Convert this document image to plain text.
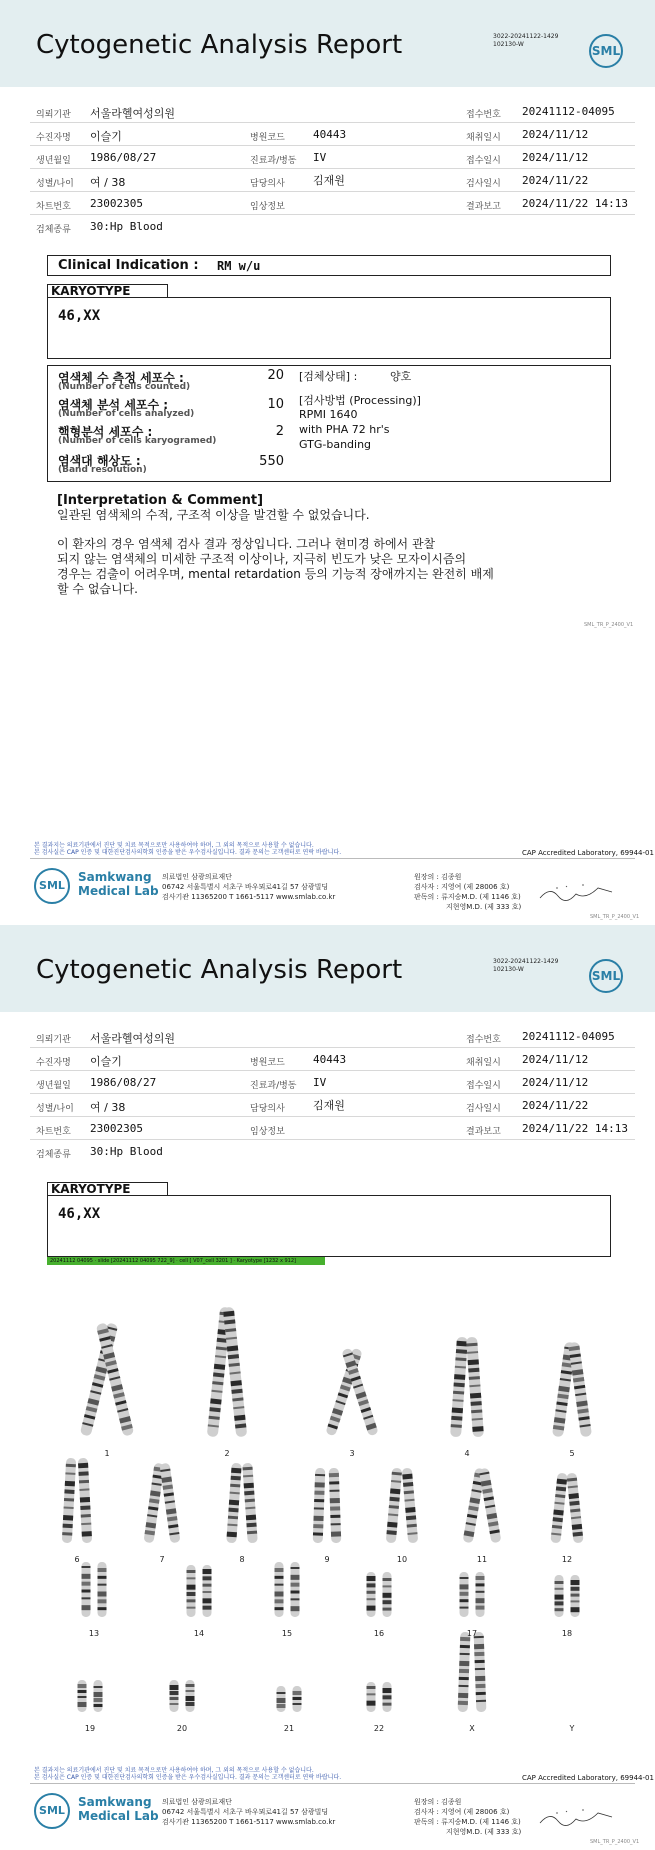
Cytogenetic Analysis Report	3022-20241122-1429
102130-W	SML
의뢰기관 서울라헬여성의원	접수번호 20241112-04095
수진자명 이슬기	병원코드	40443	채취일시 2024/11/12
생년월일 1986/08/27	진료과/병동 IV	접수일시 2024/11/12
성별/나이 여 / 38	담당의사	김재원	검사일시 2024/11/22
차트번호 23002305	임상정보	결과보고 2024/11/22 14:13
검체종류 30:Hp Blood
Clinical Indication : RM w/u
KARYOTYPE
46,XX
염색체 수 측정 세포수 :
(Number of cells counted)
20
염색체 분석 세포수 :
(Number of cells analyzed)
10
핵형분석 세포수 :
(Number of cells karyogramed)
2
염색대 해상도 :
(Band resolution)
550
[검체상태] :	양호
[검사방법 (Processing)]
RPMI 1640
with PHA 72 hr's
GTG-banding
[Interpretation & Comment]
일관된 염색체의 수적, 구조적 이상을 발견할 수 없었습니다.
이 환자의 경우 염색체 검사 결과 정상입니다. 그러나 현미경 하에서 관찰
되지 않는 염색체의 미세한 구조적 이상이나, 지극히 빈도가 낮은 모자이시즘의
경우는 검출이 어려우며, mental retardation 등의 기능적 장애까지는 완전히 배제
할 수 없습니다.
SML_TR_P_2400_V1
본 결과지는 의료기관에서 진단 및 치료 목적으로만 사용하여야 하며, 그 외의 목적으로 사용할 수 없습니다.
본 검사실은 CAP 인증 및 대한진단검사의학회 인증을 받은 우수검사실입니다. 결과 문의는 고객센터로 연락 바랍니다.	CAP Accredited Laboratory, 69944-01
SML
Samkwang
Medical Lab
의료법인 삼광의료재단
06742 서울특별시 서초구 바우뫼로41길 57 삼광빌딩
검사기관 11365200 T 1661-5117 www.smlab.co.kr
원장의 : 김종원
검사자 : 지영여 (제 28006 호)
판독의 : 류지숭M.D. (제 1146 호)
지현영M.D. (제 333 호)
SML_TR_P_2400_V1
Cytogenetic Analysis Report	3022-20241122-1429
102130-W	SML
의뢰기관 서울라헬여성의원	접수번호 20241112-04095
수진자명 이슬기	병원코드	40443	채취일시 2024/11/12
생년월일 1986/08/27	진료과/병동 IV	접수일시 2024/11/12
성별/나이 여 / 38	담당의사	김재원	검사일시 2024/11/22
차트번호 23002305	임상정보	결과보고 2024/11/22 14:13
검체종류 30:Hp Blood
KARYOTYPE
46,XX
본 결과지는 의료기관에서 진단 및 치료 목적으로만 사용하여야 하며, 그 외의 목적으로 사용할 수 없습니다.
본 검사실은 CAP 인증 및 대한진단검사의학회 인증을 받은 우수검사실입니다. 결과 문의는 고객센터로 연락 바랍니다.	CAP Accredited Laboratory, 69944-01
SML
Samkwang
Medical Lab
의료법인 삼광의료재단
06742 서울특별시 서초구 바우뫼로41길 57 삼광빌딩
검사기관 11365200 T 1661-5117 www.smlab.co.kr
원장의 : 김종원
검사자 : 지영여 (제 28006 호)
판독의 : 류지숭M.D. (제 1146 호)
지현영M.D. (제 333 호)
SML_TR_P_2400_V1
20241112 04095 · slide [20241112 04095 722_9] · cell [ V07_cell 3201 ] · Karyotype [1232 x 912]
1	2	3	4	5
6	7	8	9	10	11	12
13	14	15	16	17	18
19	20	21	22	X	Y
